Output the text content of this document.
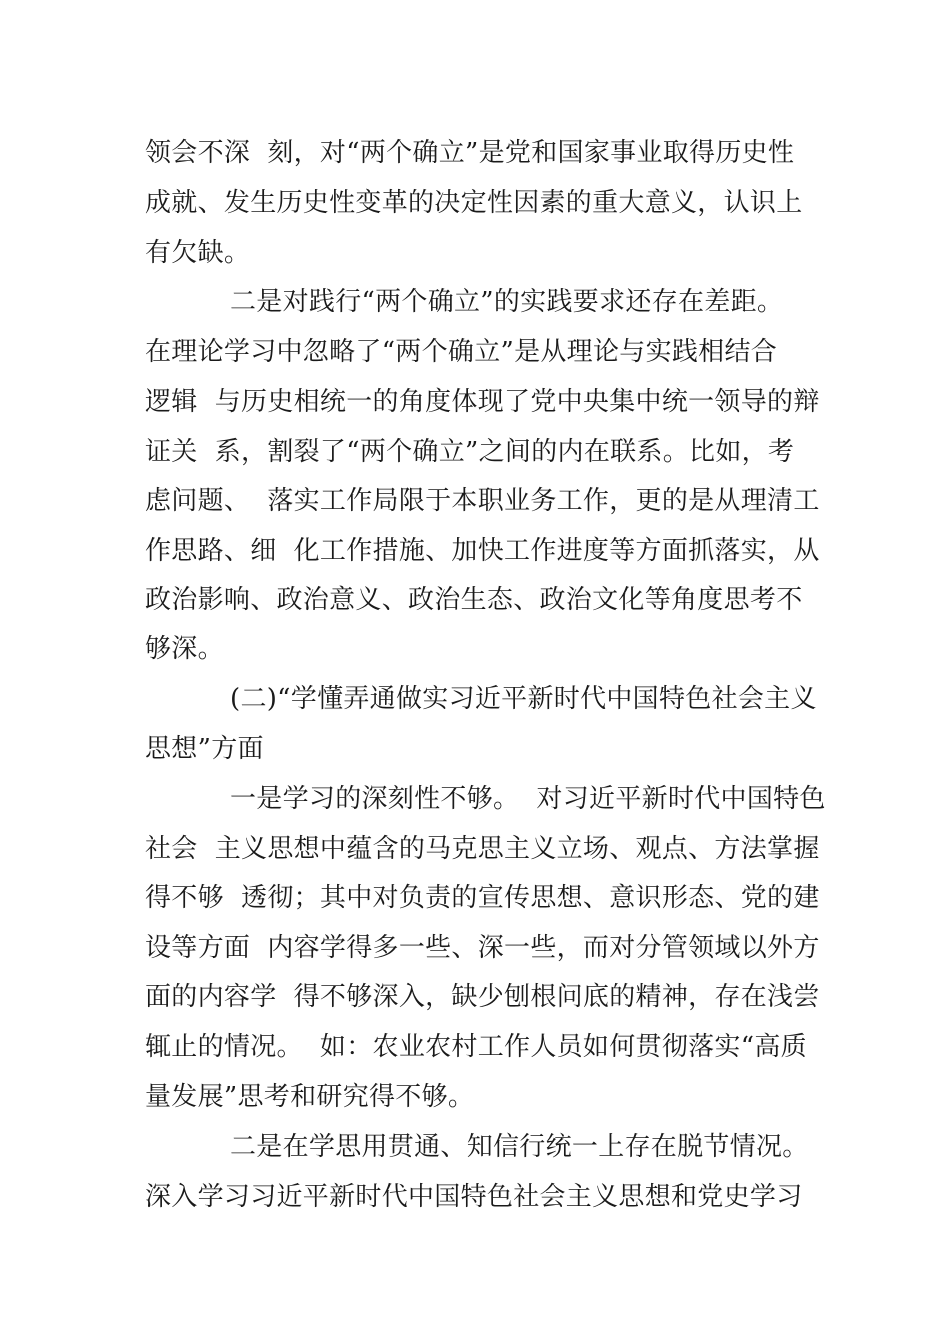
领会不深  刻，对“两个确立”是党和国家事业取得历史性
成就、发生历史性变革的决定性因素的重大意义，认识上
有欠缺。
二是对践行“两个确立”的实践要求还存在差距。
在理论学习中忽略了“两个确立”是从理论与实践相结合
逻辑  与历史相统一的角度体现了党中央集中统一领导的辩
证关  系，割裂了“两个确立”之间的内在联系。比如，考
虑问题、  落实工作局限于本职业务工作，更的是从理清工
作思路、细  化工作措施、加快工作进度等方面抓落实，从
政治影响、政治意义、政治生态、政治文化等角度思考不
够深。
(二)“学懂弄通做实习近平新时代中国特色社会主义
思想”方面
一是学习的深刻性不够。  对习近平新时代中国特色
社会  主义思想中蕴含的马克思主义立场、观点、方法掌握
得不够  透彻；其中对负责的宣传思想、意识形态、党的建
设等方面  内容学得多一些、深一些，而对分管领域以外方
面的内容学  得不够深入，缺少刨根问底的精神，存在浅尝
辄止的情况。  如：农业农村工作人员如何贯彻落实“高质
量发展”思考和研究得不够。
二是在学思用贯通、知信行统一上存在脱节情况。
深入学习习近平新时代中国特色社会主义思想和党史学习
